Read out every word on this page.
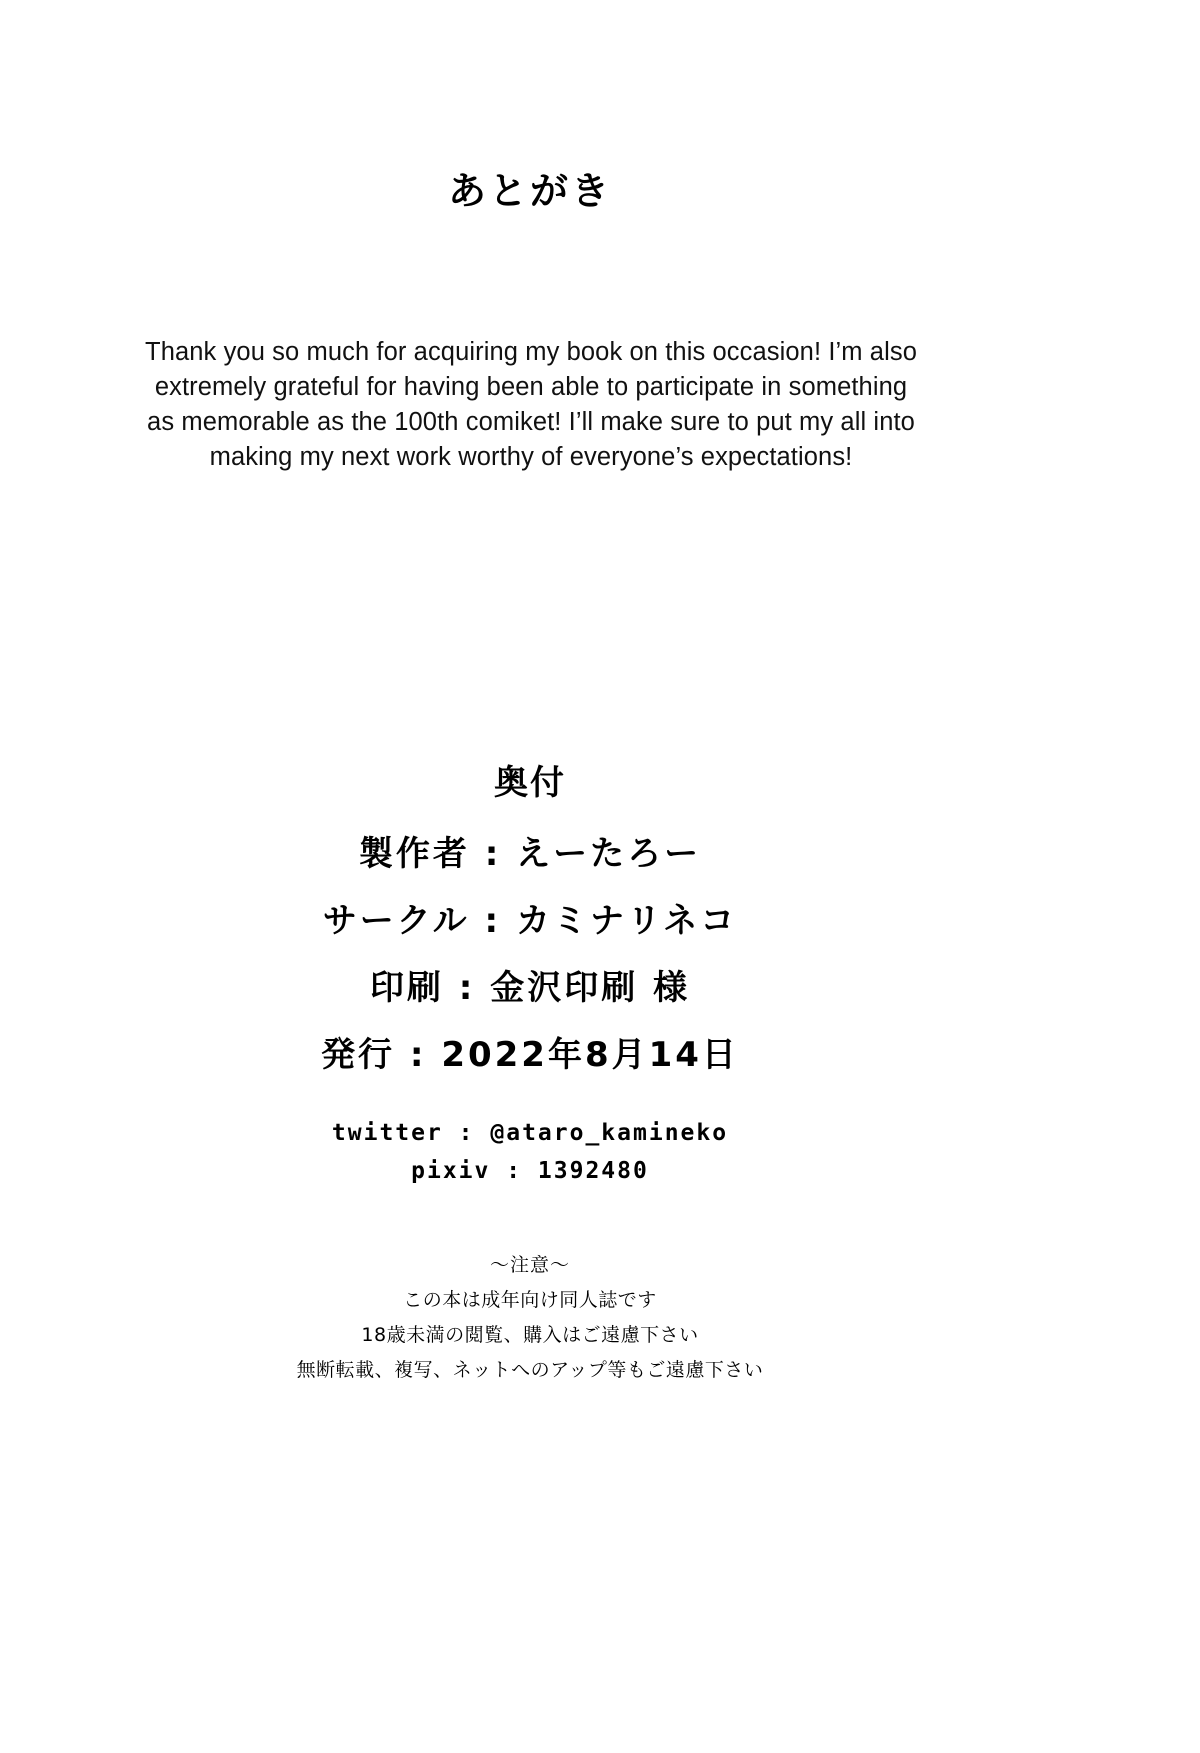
あとがき

Thank you so much for acquiring my book on this occasion! I’m also

extremely grateful for having been able to participate in something

as memorable as the 100th comiket! I’ll make sure to put my all into

making my next work worthy of everyone’s expectations!

奥付
製作者 : えーたろー
サークル : カミナリネコ
印刷 : 金沢印刷 様
発行 : 2022年8月14日
twitter : @ataro_kamineko
pixiv : 1392480
〜注意〜
この本は成年向け同人誌です
18歳未満の閲覧、購入はご遠慮下さい
無断転載、複写、ネットへのアップ等もご遠慮下さい
